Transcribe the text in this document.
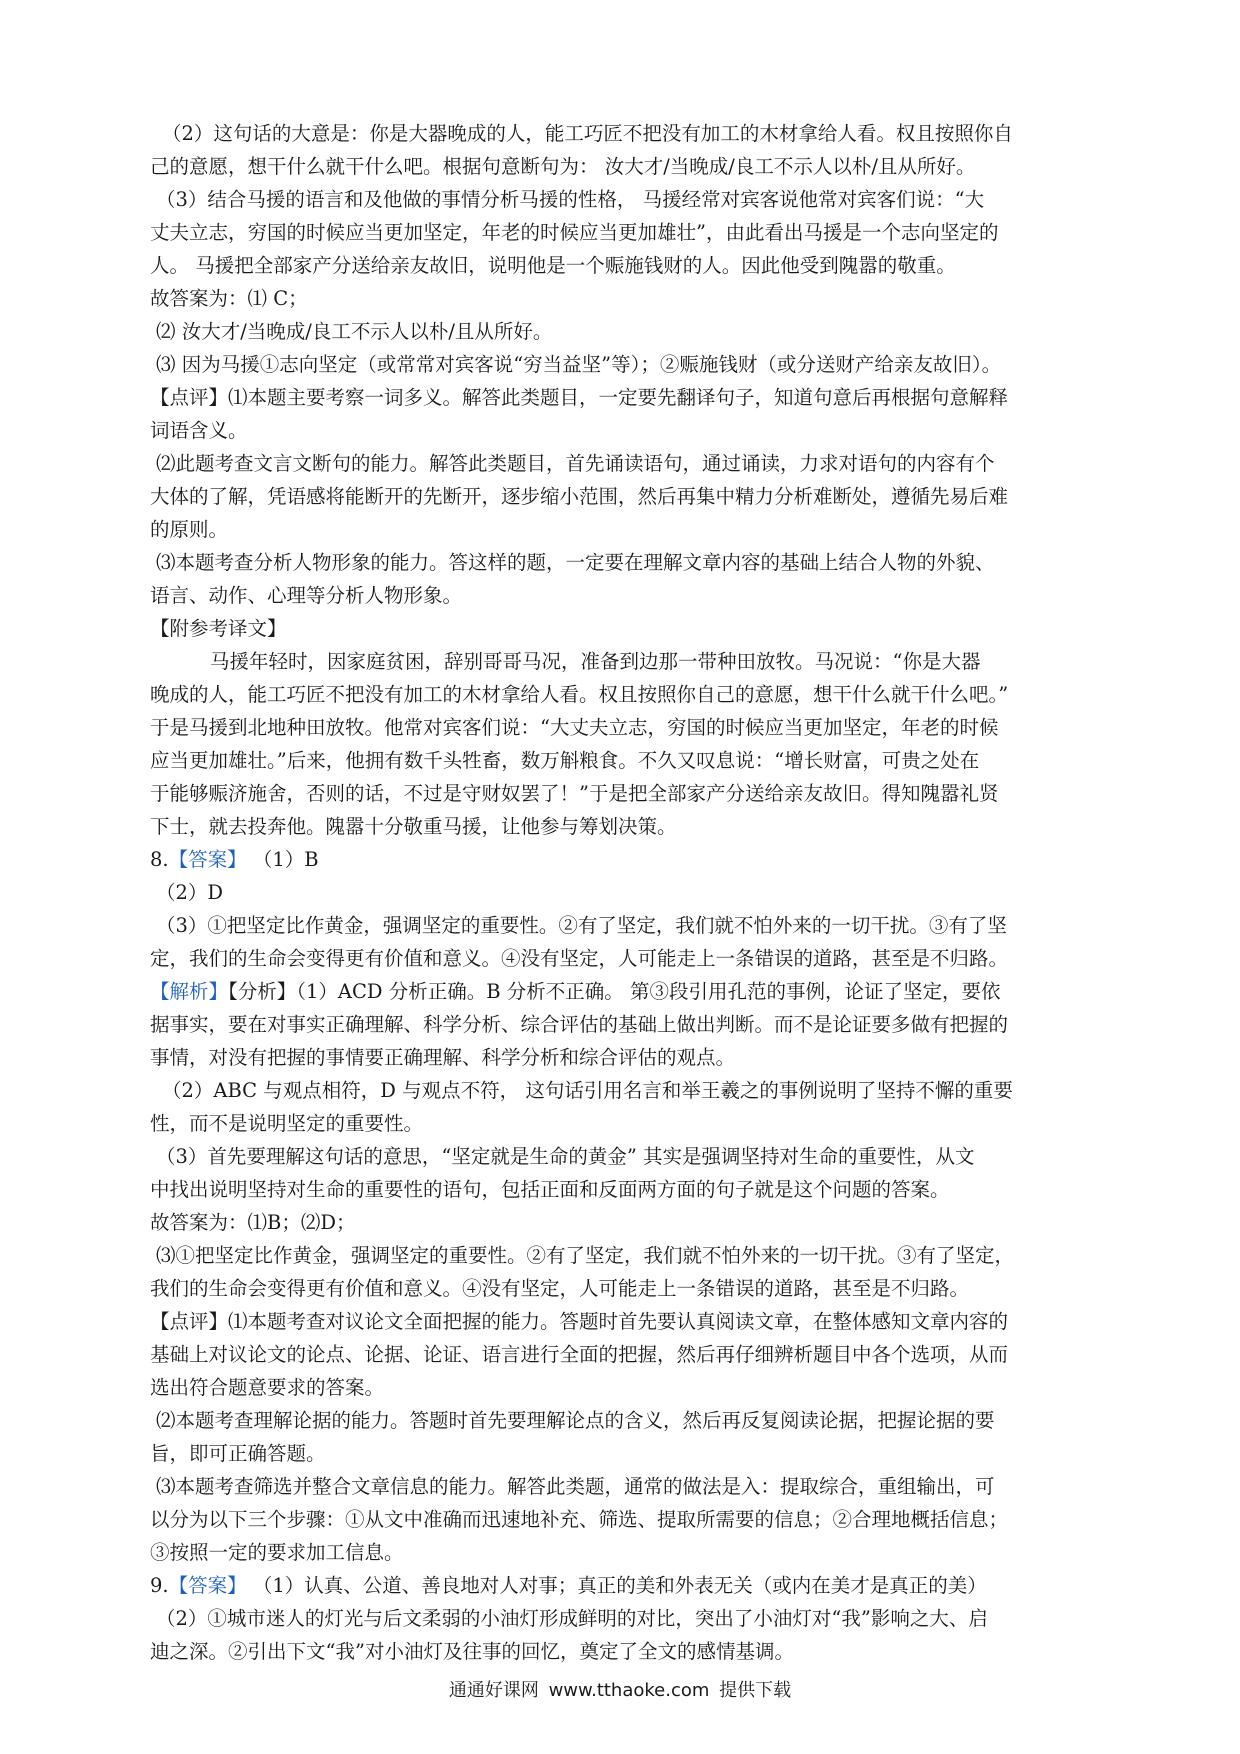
（2）这句话的大意是：你是大器晚成的人，能工巧匠不把没有加工的木材拿给人看。权且按照你自
己的意愿，想干什么就干什么吧。根据句意断句为： 汝大才/当晚成/良工不示人以朴/且从所好。
（3）结合马援的语言和及他做的事情分析马援的性格， 马援经常对宾客说他常对宾客们说：“大
丈夫立志，穷国的时候应当更加坚定，年老的时候应当更加雄壮”，由此看出马援是一个志向坚定的
人。 马援把全部家产分送给亲友故旧，说明他是一个赈施钱财的人。因此他受到隗嚣的敬重。
故答案为：⑴ C；
⑵ 汝大才/当晚成/良工不示人以朴/且从所好。
⑶ 因为马援①志向坚定（或常常对宾客说“穷当益坚”等）；②赈施钱财（或分送财产给亲友故旧）。
【点评】⑴本题主要考察一词多义。解答此类题目，一定要先翻译句子，知道句意后再根据句意解释
词语含义。
⑵此题考查文言文断句的能力。解答此类题目，首先诵读语句，通过诵读，力求对语句的内容有个
大体的了解，凭语感将能断开的先断开，逐步缩小范围，然后再集中精力分析难断处，遵循先易后难
的原则。
⑶本题考查分析人物形象的能力。答这样的题，一定要在理解文章内容的基础上结合人物的外貌、
语言、动作、心理等分析人物形象。
【附参考译文】
马援年轻时，因家庭贫困，辞别哥哥马况，准备到边那一带种田放牧。马况说：“你是大器
晚成的人，能工巧匠不把没有加工的木材拿给人看。权且按照你自己的意愿，想干什么就干什么吧。”
于是马援到北地种田放牧。他常对宾客们说：“大丈夫立志，穷国的时候应当更加坚定，年老的时候
应当更加雄壮。”后来，他拥有数千头牲畜，数万斛粮食。不久又叹息说：“增长财富，可贵之处在
于能够赈济施舍，否则的话，不过是守财奴罢了！”于是把全部家产分送给亲友故旧。得知隗嚣礼贤
下士，就去投奔他。隗嚣十分敬重马援，让他参与筹划决策。
8.【答案】 （1）B
（2）D
（3）①把坚定比作黄金，强调坚定的重要性。②有了坚定，我们就不怕外来的一切干扰。③有了坚
定，我们的生命会变得更有价值和意义。④没有坚定，人可能走上一条错误的道路，甚至是不归路。
【解析】【分析】（1）ACD 分析正确。B 分析不正确。 第③段引用孔范的事例，论证了坚定，要依
据事实，要在对事实正确理解、科学分析、综合评估的基础上做出判断。而不是论证要多做有把握的
事情，对没有把握的事情要正确理解、科学分析和综合评估的观点。
（2）ABC 与观点相符，D 与观点不符， 这句话引用名言和举王羲之的事例说明了坚持不懈的重要
性，而不是说明坚定的重要性。
（3）首先要理解这句话的意思，“坚定就是生命的黄金” 其实是强调坚持对生命的重要性，从文
中找出说明坚持对生命的重要性的语句，包括正面和反面两方面的句子就是这个问题的答案。
故答案为：⑴B；⑵D；
⑶①把坚定比作黄金，强调坚定的重要性。②有了坚定，我们就不怕外来的一切干扰。③有了坚定，
我们的生命会变得更有价值和意义。④没有坚定，人可能走上一条错误的道路，甚至是不归路。
【点评】⑴本题考查对议论文全面把握的能力。答题时首先要认真阅读文章，在整体感知文章内容的
基础上对议论文的论点、论据、论证、语言进行全面的把握，然后再仔细辨析题目中各个选项，从而
选出符合题意要求的答案。
⑵本题考查理解论据的能力。答题时首先要理解论点的含义，然后再反复阅读论据，把握论据的要
旨，即可正确答题。
⑶本题考查筛选并整合文章信息的能力。解答此类题，通常的做法是入：提取综合，重组输出，可
以分为以下三个步骤：①从文中准确而迅速地补充、筛选、提取所需要的信息；②合理地概括信息；
③按照一定的要求加工信息。
9.【答案】 （1）认真、公道、善良地对人对事；真正的美和外表无关（或内在美才是真正的美）
（2）①城市迷人的灯光与后文柔弱的小油灯形成鲜明的对比，突出了小油灯对“我”影响之大、启
迪之深。②引出下文“我”对小油灯及往事的回忆，奠定了全文的感情基调。
通通好课网 www.tthaoke.com 提供下载
